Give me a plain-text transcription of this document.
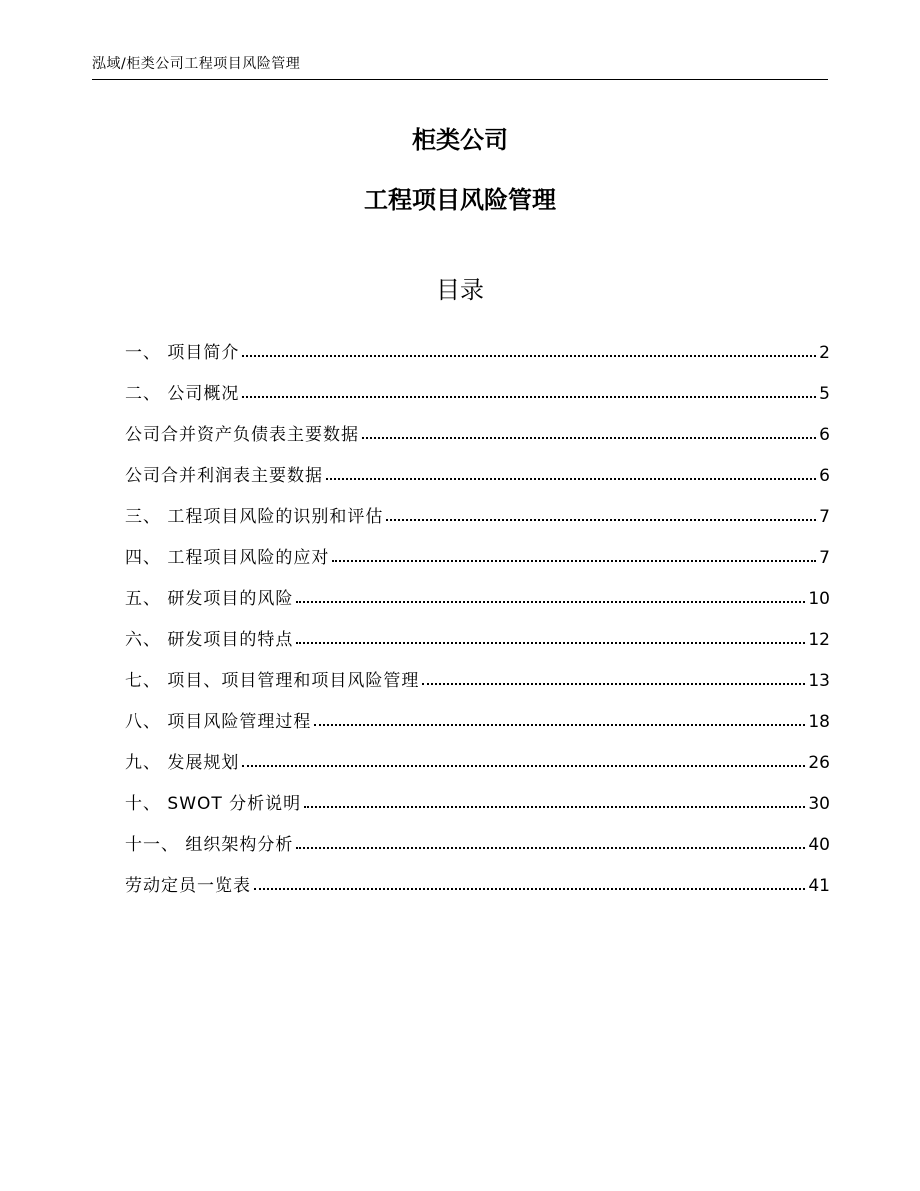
泓域/柜类公司工程项目风险管理
柜类公司
工程项目风险管理
目录
一、 项目简介	2
二、 公司概况	5
公司合并资产负债表主要数据	6
公司合并利润表主要数据	6
三、 工程项目风险的识别和评估	7
四、 工程项目风险的应对	7
五、 研发项目的风险	10
六、 研发项目的特点	12
七、 项目、项目管理和项目风险管理	13
八、 项目风险管理过程	18
九、 发展规划	26
十、 SWOT 分析说明	30
十一、 组织架构分析	40
劳动定员一览表	41
